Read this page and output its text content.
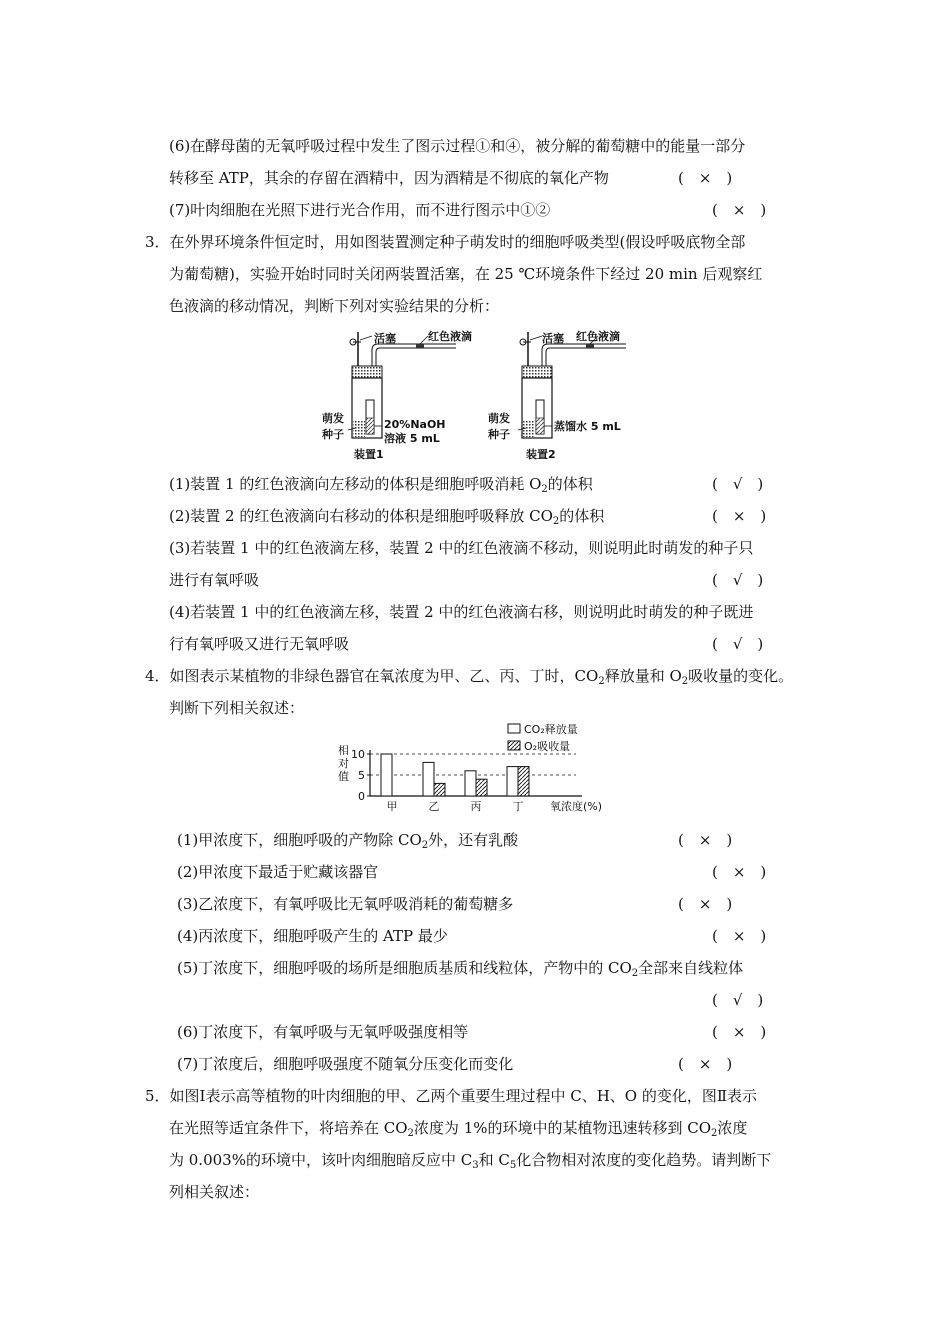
(6)在酵母菌的无氧呼吸过程中发生了图示过程①和④，被分解的葡萄糖中的能量一部分
转移至 ATP，其余的存留在酒精中，因为酒精是不彻底的氧化产物	(　×　)
(7)叶肉细胞在光照下进行光合作用，而不进行图示中①②	(　×　)
3．在外界环境条件恒定时，用如图装置测定种子萌发时的细胞呼吸类型(假设呼吸底物全部
为葡萄糖)，实验开始时同时关闭两装置活塞，在 25 ℃环境条件下经过 20 min 后观察红
色液滴的移动情况，判断下列对实验结果的分析：
活塞	红色液滴
萌发
种子
20%NaOH
溶液 5 mL
装置1
活塞 红色液滴
萌发
种子
蒸馏水 5 mL
装置2
(1)装置 1 的红色液滴向左移动的体积是细胞呼吸消耗 $O_2$的体积	(　√　)
(2)装置 2 的红色液滴向右移动的体积是细胞呼吸释放 $CO_2$的体积	(　×　)
(3)若装置 1 中的红色液滴左移，装置 2 中的红色液滴不移动，则说明此时萌发的种子只
进行有氧呼吸	(　√　)
(4)若装置 1 中的红色液滴左移，装置 2 中的红色液滴右移，则说明此时萌发的种子既进
行有氧呼吸又进行无氧呼吸	(　√　)
4．如图表示某植物的非绿色器官在氧浓度为甲、乙、丙、丁时，$CO_2$释放量和 $O_2$吸收量的变化。
判断下列相关叙述：
相
对
值
0
5
10
甲	乙	丙	丁 氧浓度(%)
CO₂释放量
O₂吸收量
(1)甲浓度下，细胞呼吸的产物除 $CO_2$外，还有乳酸	(　×　)
(2)甲浓度下最适于贮藏该器官	(　×　)
(3)乙浓度下，有氧呼吸比无氧呼吸消耗的葡萄糖多	(　×　)
(4)丙浓度下，细胞呼吸产生的 ATP 最少	(　×　)
(5)丁浓度下，细胞呼吸的场所是细胞质基质和线粒体，产物中的 $CO_2$全部来自线粒体
(　√　)
(6)丁浓度下，有氧呼吸与无氧呼吸强度相等	(　×　)
(7)丁浓度后，细胞呼吸强度不随氧分压变化而变化	(　×　)
5．如图Ⅰ表示高等植物的叶肉细胞的甲、乙两个重要生理过程中 C、H、O 的变化，图Ⅱ表示
在光照等适宜条件下，将培养在 $CO_2$浓度为 1%的环境中的某植物迅速转移到 $CO_2$浓度
为 0.003%的环境中，该叶肉细胞暗反应中 $C_3$和 $C_5$化合物相对浓度的变化趋势。请判断下
列相关叙述：
